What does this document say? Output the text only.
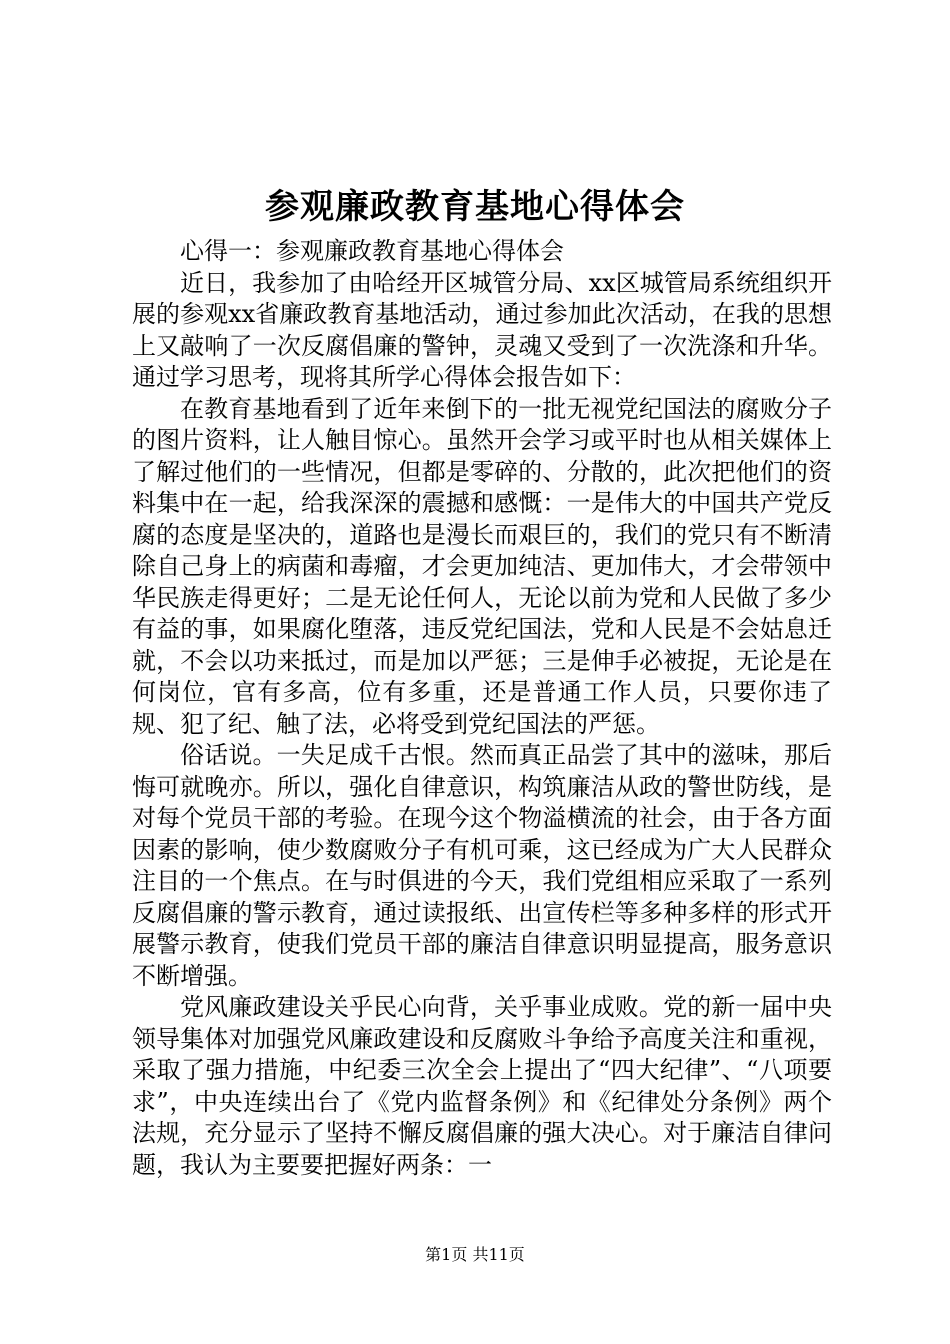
参观廉政教育基地心得体会

心得一：参观廉政教育基地心得体会

近日，我参加了由哈经开区城管分局、xx区城管局系统组织开展的参观xx省廉政教育基地活动，通过参加此次活动，在我的思想上又敲响了一次反腐倡廉的警钟，灵魂又受到了一次洗涤和升华。通过学习思考，现将其所学心得体会报告如下：

在教育基地看到了近年来倒下的一批无视党纪国法的腐败分子的图片资料，让人触目惊心。虽然开会学习或平时也从相关媒体上了解过他们的一些情况，但都是零碎的、分散的，此次把他们的资料集中在一起，给我深深的震撼和感慨：一是伟大的中国共产党反腐的态度是坚决的，道路也是漫长而艰巨的，我们的党只有不断清除自己身上的病菌和毒瘤，才会更加纯洁、更加伟大，才会带领中华民族走得更好；二是无论任何人，无论以前为党和人民做了多少有益的事，如果腐化堕落，违反党纪国法，党和人民是不会姑息迁就，不会以功来抵过，而是加以严惩；三是伸手必被捉，无论是在何岗位，官有多高，位有多重，还是普通工作人员，只要你违了规、犯了纪、触了法，必将受到党纪国法的严惩。

俗话说。一失足成千古恨。然而真正品尝了其中的滋味，那后悔可就晚亦。所以，强化自律意识，构筑廉洁从政的警世防线，是对每个党员干部的考验。在现今这个物溢横流的社会，由于各方面因素的影响，使少数腐败分子有机可乘，这已经成为广大人民群众注目的一个焦点。在与时俱进的今天，我们党组相应采取了一系列反腐倡廉的警示教育，通过读报纸、出宣传栏等多种多样的形式开展警示教育，使我们党员干部的廉洁自律意识明显提高，服务意识不断增强。

党风廉政建设关乎民心向背，关乎事业成败。党的新一届中央领导集体对加强党风廉政建设和反腐败斗争给予高度关注和重视，采取了强力措施，中纪委三次全会上提出了“四大纪律”、“八项要求”，中央连续出台了《党内监督条例》和《纪律处分条例》两个法规，充分显示了坚持不懈反腐倡廉的强大决心。对于廉洁自律问题，我认为主要要把握好两条：一

第1页 共11页
